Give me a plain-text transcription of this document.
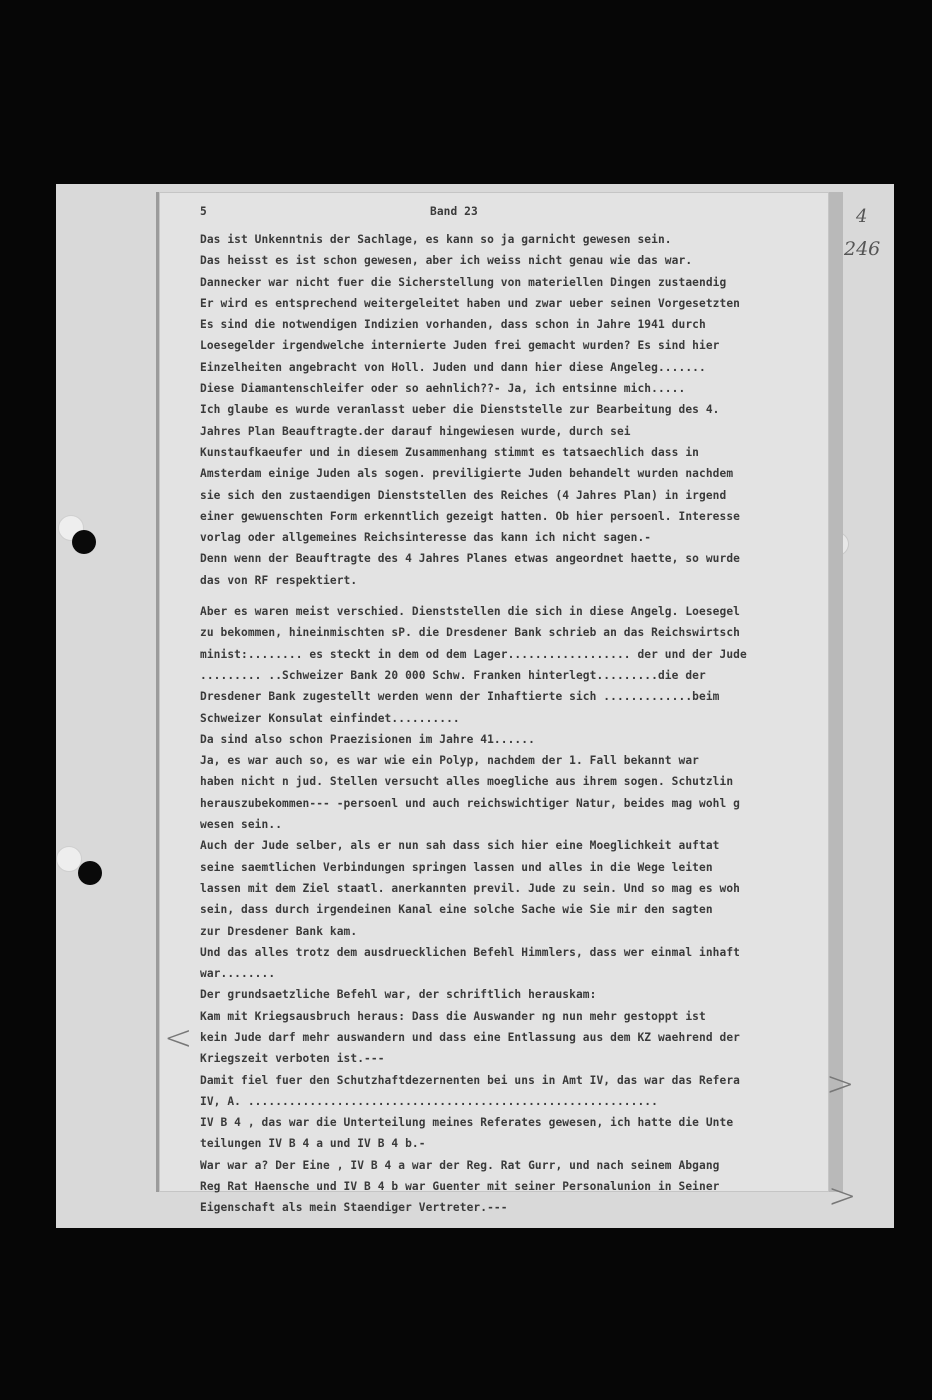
5	Band 23
Das ist Unkenntnis der Sachlage, es kann so ja garnicht gewesen sein.
Das heisst es ist schon gewesen, aber ich weiss nicht genau wie das war.
Dannecker war nicht fuer die Sicherstellung von materiellen Dingen zustaendig
Er wird es entsprechend weitergeleitet haben und zwar ueber seinen Vorgesetzten
Es sind die notwendigen Indizien vorhanden, dass schon in Jahre 1941 durch
Loesegelder irgendwelche internierte Juden frei gemacht wurden? Es sind hier
Einzelheiten angebracht von Holl. Juden und dann hier diese Angeleg.......
Diese Diamantenschleifer oder so aehnlich??- Ja, ich entsinne mich.....
Ich glaube es wurde veranlasst ueber die Dienststelle zur Bearbeitung des 4.
Jahres Plan Beauftragte.der darauf hingewiesen wurde, durch sei
Kunstaufkaeufer und in diesem Zusammenhang stimmt es tatsaechlich dass in
Amsterdam einige Juden als sogen. previligierte Juden behandelt wurden nachdem
sie sich den zustaendigen Dienststellen des Reiches (4 Jahres Plan) in irgend
einer gewuenschten Form erkenntlich gezeigt hatten. Ob hier persoenl. Interesse
vorlag oder allgemeines Reichsinteresse das kann ich nicht sagen.-
Denn wenn der Beauftragte des 4 Jahres Planes etwas angeordnet haette, so wurde
das von RF respektiert.
Aber es waren meist verschied. Dienststellen die sich in diese Angelg. Loesegel
zu bekommen, hineinmischten sP. die Dresdener Bank schrieb an das Reichswirtsch
minist:........ es steckt in dem od dem Lager.................. der und der Jude
......... ..Schweizer Bank 20 000 Schw. Franken hinterlegt.........die der
Dresdener Bank zugestellt werden wenn der Inhaftierte sich .............beim
Schweizer Konsulat einfindet..........
Da sind also schon Praezisionen im Jahre 41......
Ja, es war auch so, es war wie ein Polyp, nachdem der 1. Fall bekannt war
haben nicht n jud. Stellen versucht alles moegliche aus ihrem sogen. Schutzlin
herauszubekommen--- -persoenl und auch reichswichtiger Natur, beides mag wohl g
wesen sein..
Auch der Jude selber, als er nun sah dass sich hier eine Moeglichkeit auftat
seine saemtlichen Verbindungen springen lassen und alles in die Wege leiten
lassen mit dem Ziel staatl. anerkannten previl. Jude zu sein. Und so mag es woh
sein, dass durch irgendeinen Kanal eine solche Sache wie Sie mir den sagten
zur Dresdener Bank kam.
Und das alles trotz dem ausdruecklichen Befehl Himmlers, dass wer einmal inhaft
war........
Der grundsaetzliche Befehl war, der schriftlich herauskam:
Kam mit Kriegsausbruch heraus: Dass die Auswander ng nun mehr gestoppt ist
kein Jude darf mehr auswandern und dass eine Entlassung aus dem KZ waehrend der
Kriegszeit verboten ist.---
Damit fiel fuer den Schutzhaftdezernenten bei uns in Amt IV, das war das Refera
IV, A. ............................................................
IV B 4 , das war die Unterteilung meines Referates gewesen, ich hatte die Unte
teilungen IV B 4 a und IV B 4 b.-
War war a? Der Eine , IV B 4 a war der Reg. Rat Gurr, und nach seinem Abgang
Reg Rat Haensche und IV B 4 b war Guenter mit seiner Personalunion in Seiner
Eigenschaft als mein Staendiger Vertreter.---
4
246
<
>
>
